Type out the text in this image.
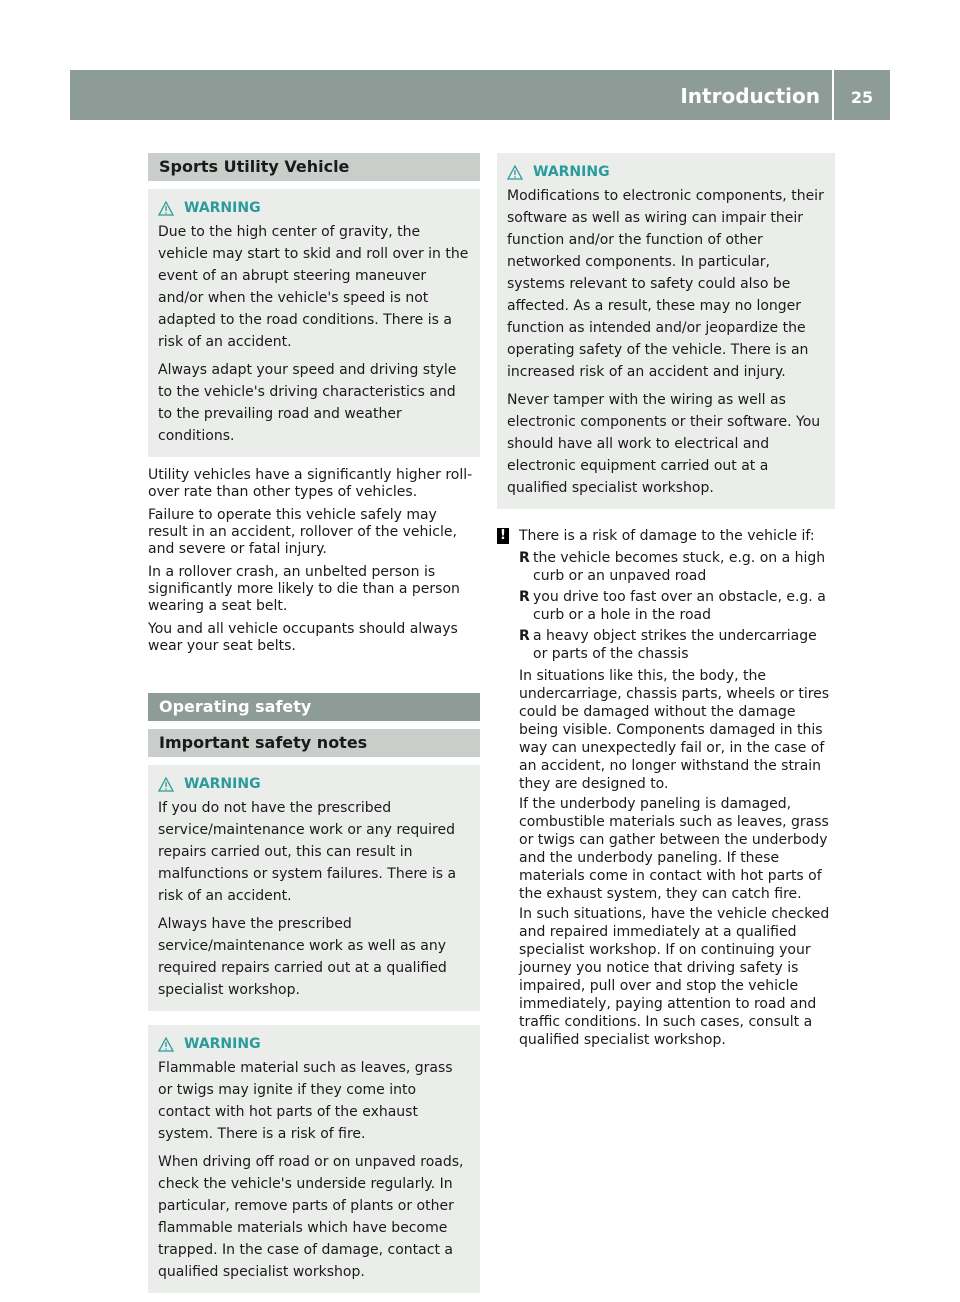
Introduction	25
Sports Utility Vehicle
WARNING

Due to the high center of gravity, the vehicle may start to skid and roll over in the event of an abrupt steering maneuver and/or when the vehicle's speed is not adapted to the road conditions. There is a risk of an accident.

Always adapt your speed and driving style to the vehicle's driving characteristics and to the prevailing road and weather conditions.

Utility vehicles have a significantly higher roll-over rate than other types of vehicles.

Failure to operate this vehicle safely may result in an accident, rollover of the vehicle, and severe or fatal injury.

In a rollover crash, an unbelted person is significantly more likely to die than a person wearing a seat belt.

You and all vehicle occupants should always wear your seat belts.

Operating safety
Important safety notes
WARNING

If you do not have the prescribed service/maintenance work or any required repairs carried out, this can result in malfunctions or system failures. There is a risk of an accident.

Always have the prescribed service/maintenance work as well as any required repairs carried out at a qualified specialist workshop.

WARNING

Flammable material such as leaves, grass or twigs may ignite if they come into contact with hot parts of the exhaust system. There is a risk of fire.

When driving off road or on unpaved roads, check the vehicle's underside regularly. In particular, remove parts of plants or other flammable materials which have become trapped. In the case of damage, contact a qualified specialist workshop.

WARNING

Modifications to electronic components, their software as well as wiring can impair their function and/or the function of other networked components. In particular, systems relevant to safety could also be affected. As a result, these may no longer function as intended and/or jeopardize the operating safety of the vehicle. There is an increased risk of an accident and injury.

Never tamper with the wiring as well as electronic components or their software. You should have all work to electrical and electronic equipment carried out at a qualified specialist workshop.

! There is a risk of damage to the vehicle if:
R the vehicle becomes stuck, e.g. on a high curb or an unpaved road
R you drive too fast over an obstacle, e.g. a curb or a hole in the road
R a heavy object strikes the undercarriage or parts of the chassis

In situations like this, the body, the undercarriage, chassis parts, wheels or tires could be damaged without the damage being visible. Components damaged in this way can unexpectedly fail or, in the case of an accident, no longer withstand the strain they are designed to.

If the underbody paneling is damaged, combustible materials such as leaves, grass or twigs can gather between the underbody and the underbody paneling. If these materials come in contact with hot parts of the exhaust system, they can catch fire.

In such situations, have the vehicle checked and repaired immediately at a qualified specialist workshop. If on continuing your journey you notice that driving safety is impaired, pull over and stop the vehicle immediately, paying attention to road and traffic conditions. In such cases, consult a qualified specialist workshop.
